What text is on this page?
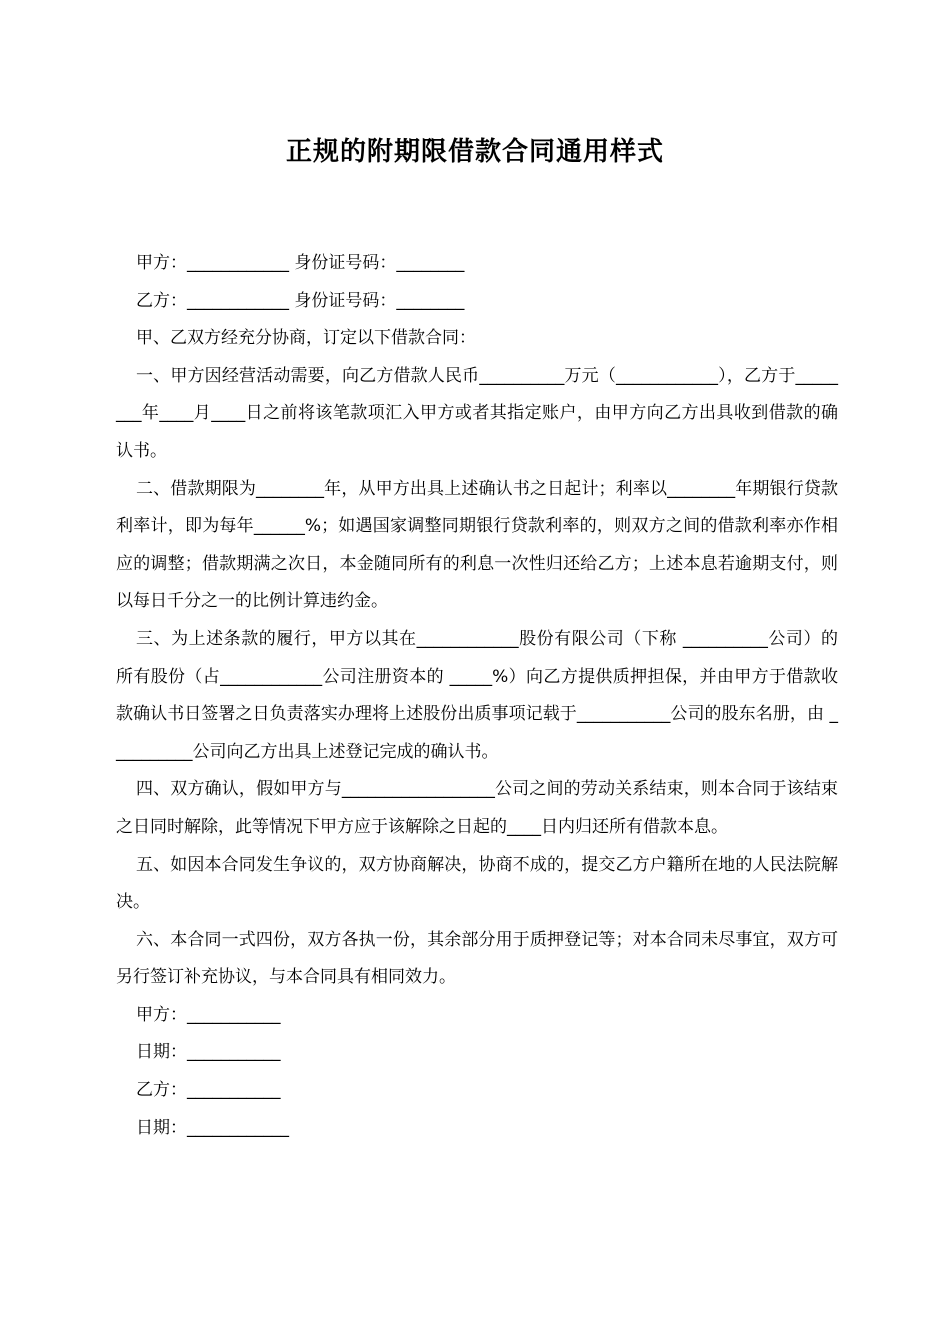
正规的附期限借款合同通用样式

甲方：____________ 身份证号码：________

乙方：____________ 身份证号码：________

甲、乙双方经充分协商，订定以下借款合同：

一、甲方因经营活动需要，向乙方借款人民币__________万元（____________），乙方于________年____月____日之前将该笔款项汇入甲方或者其指定账户，由甲方向乙方出具收到借款的确认书。

二、借款期限为________年，从甲方出具上述确认书之日起计；利率以________年期银行贷款利率计，即为每年______%；如遇国家调整同期银行贷款利率的，则双方之间的借款利率亦作相应的调整；借款期满之次日，本金随同所有的利息一次性归还给乙方；上述本息若逾期支付，则以每日千分之一的比例计算违约金。

三、为上述条款的履行，甲方以其在____________股份有限公司（下称 __________公司）的所有股份（占____________公司注册资本的 _____%）向乙方提供质押担保，并由甲方于借款收款确认书日签署之日负责落实办理将上述股份出质事项记载于___________公司的股东名册，由 __________公司向乙方出具上述登记完成的确认书。

四、双方确认，假如甲方与__________________公司之间的劳动关系结束，则本合同于该结束之日同时解除，此等情况下甲方应于该解除之日起的____日内归还所有借款本息。

五、如因本合同发生争议的，双方协商解决，协商不成的，提交乙方户籍所在地的人民法院解决。

六、本合同一式四份，双方各执一份，其余部分用于质押登记等；对本合同未尽事宜，双方可另行签订补充协议，与本合同具有相同效力。

甲方：___________

日期：___________

乙方：___________

日期：____________
